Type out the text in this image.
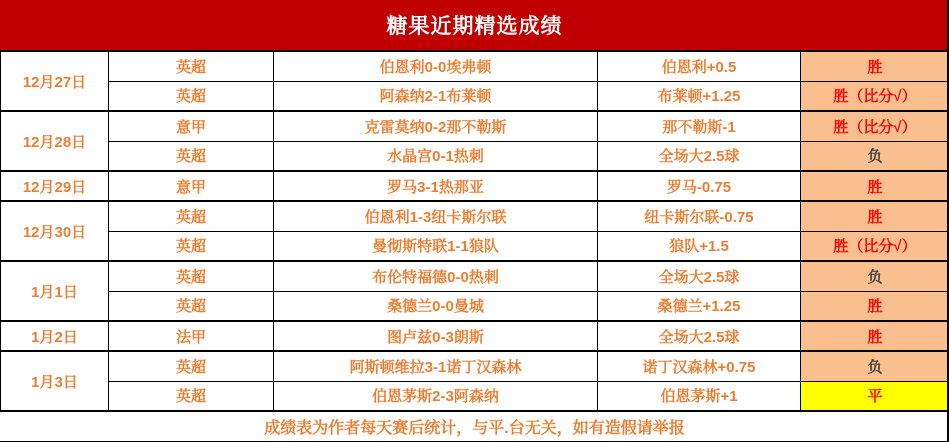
糖果近期精选成绩
12月27日	英超	伯恩利0-0埃弗顿	伯恩利+0.5	胜
	英超	阿森纳2-1布莱顿	布莱顿+1.25	胜（比分√）
12月28日	意甲	克雷莫纳0-2那不勒斯	那不勒斯-1	胜（比分√）
	英超	水晶宫0-1热刺	全场大2.5球	负
12月29日	意甲	罗马3-1热那亚	罗马-0.75	胜
12月30日	英超	伯恩利1-3纽卡斯尔联	纽卡斯尔联-0.75	胜
	英超	曼彻斯特联1-1狼队	狼队+1.5	胜（比分√）
1月1日	英超	布伦特福德0-0热刺	全场大2.5球	负
	英超	桑德兰0-0曼城	桑德兰+1.25	胜
1月2日	法甲	图卢兹0-3朗斯	全场大2.5球	胜
1月3日	英超	阿斯顿维拉3-1诺丁汉森林	诺丁汉森林+0.75	负
	英超	伯恩茅斯2-3阿森纳	伯恩茅斯+1	平
成绩表为作者每天赛后统计，与平.台无关，如有造假请举报
